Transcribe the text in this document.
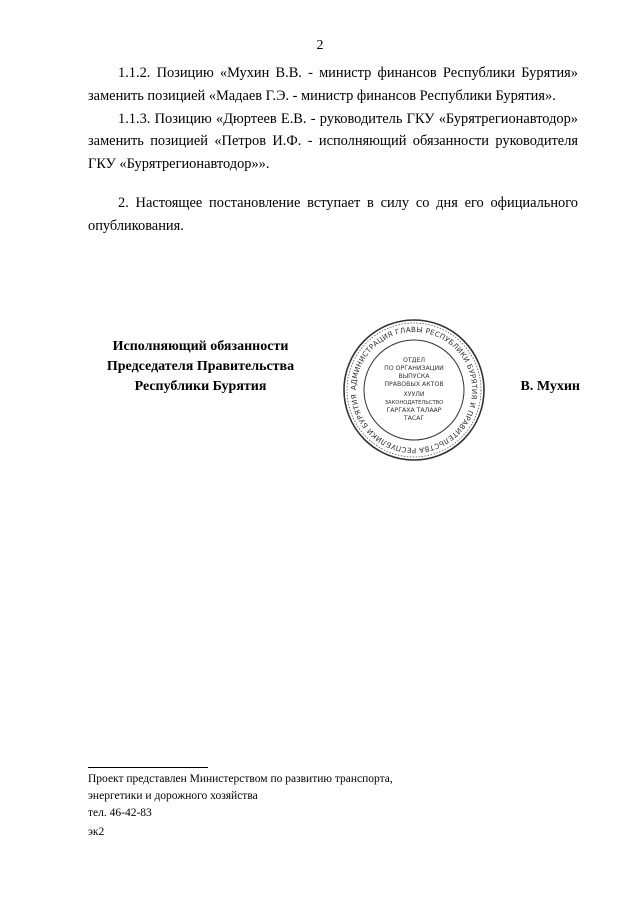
2

1.1.2. Позицию «Мухин В.В. - министр финансов Республики Бурятия» заменить позицией «Мадаев Г.Э. - министр финансов Республики Бурятия».

1.1.3. Позицию «Дюртеев Е.В. - руководитель ГКУ «Бурятрегионавтодор» заменить позицией «Петров И.Ф. - исполняющий обязанности руководителя ГКУ «Бурятрегионавтодор»».

2. Настоящее постановление вступает в силу со дня его официального опубликования.

Исполняющий обязанности
Председателя Правительства
Республики Бурятия	АДМИНИСТРАЦИЯ ГЛАВЫ РЕСПУБЛИКИ БУРЯТИЯ И ПРАВИТЕЛЬСТВА РЕСПУБЛИКИ БУРЯТИЯ
ОТДЕЛ
ПО ОРГАНИЗАЦИИ
ВЫПУСКА
ПРАВОВЫХ АКТОВ
ХУУЛИ
ЗАКОНОДАТЕЛЬСТВО
ГАРГАХА ТАЛААР
ТАСАГ
В. Мухин
Проект представлен Министерством по развитию транспорта,
энергетики и дорожного хозяйства
тел. 46-42-83
эк2
